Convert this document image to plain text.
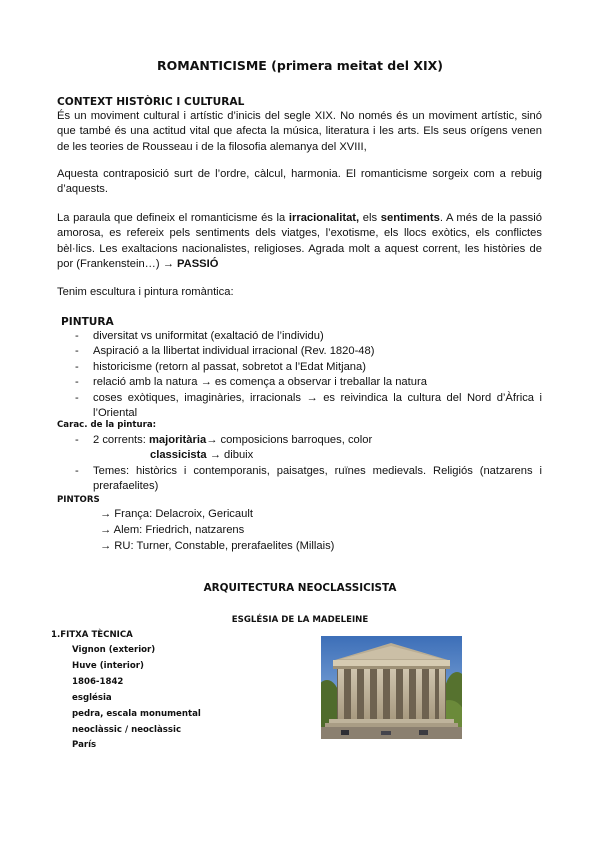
ROMANTICISME (primera meitat del XIX)
CONTEXT HISTÒRIC I CULTURAL
És un moviment cultural i artístic d’inicis del segle XIX. No només és un moviment artístic, sinó que també és una actitud vital que afecta la música, literatura i les arts. Els seus orígens venen de les teories de Rousseau i de la filosofia alemanya del XVIII,
Aquesta contraposició surt de l’ordre, càlcul, harmonia. El romanticisme sorgeix com a rebuig d’aquests.
La paraula que defineix el romanticisme és la irracionalitat, els sentiments. A més de la passió amorosa, es refereix pels sentiments dels viatges, l’exotisme, els llocs exòtics, els conflictes bèl·lics. Les exaltacions nacionalistes, religioses. Agrada molt a aquest corrent, les històries de por (Frankenstein…) → PASSIÓ
Tenim escultura i pintura romàntica:
PINTURA
- diversitat vs uniformitat (exaltació de l’individu)
- Aspiració a la llibertat individual irracional (Rev. 1820-48)
- historicisme (retorn al passat, sobretot a l’Edat Mitjana)
- relació amb la natura → es comença a observar i treballar la natura
- coses exòtiques, imaginàries, irracionals → es reivindica la cultura del Nord d’Àfrica i l’Oriental
Carac. de la pintura:
- 2 corrents: majoritària→ composicions barroques, color
classicista → dibuix
- Temes: històrics i contemporanis, paisatges, ruïnes medievals. Religiós (natzarens i prerafaelites)
PINTORS
→ França: Delacroix, Gericault
→ Alem: Friedrich, natzarens
→ RU: Turner, Constable, prerafaelites (Millais)
ARQUITECTURA NEOCLASSICISTA
ESGLÉSIA DE LA MADELEINE
1.FITXA TÈCNICA
Vignon (exterior)
Huve (interior)
1806-1842
església
pedra, escala monumental
neoclàssic / neoclàssic
París
